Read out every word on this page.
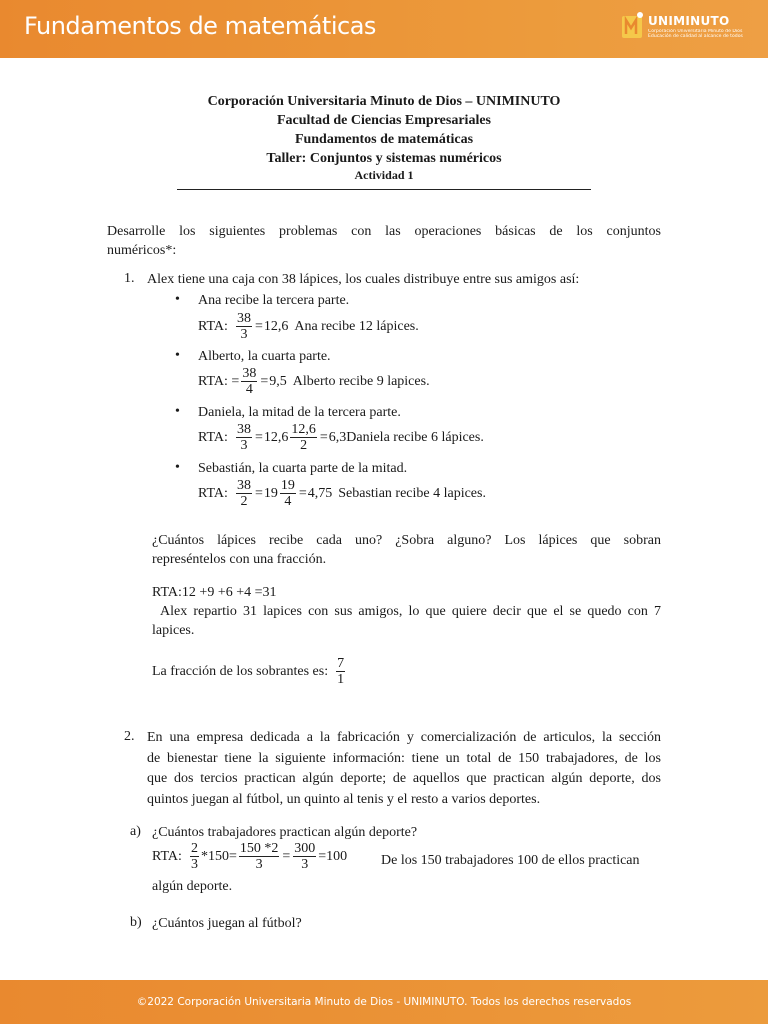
Fundamentos de matemáticas	UNIMINUTO
Corporación Universitaria Minuto de Dios
Educación de calidad al alcance de todos
Corporación Universitaria Minuto de Dios – UNIMINUTO
Facultad de Ciencias Empresariales
Fundamentos de matemáticas
Taller: Conjuntos y sistemas numéricos
Actividad 1
Desarrolle los siguientes problemas con las operaciones básicas de los conjuntos
numéricos*:
1. Alex tiene una caja con 38 lápices, los cuales distribuye entre sus amigos así:
• Ana recibe la tercera parte.
RTA: $\frac{38}{3} = 12,6$ Ana recibe 12 lápices.
• Alberto, la cuarta parte.
RTA: = $\frac{38}{4} = 9,5$ Alberto recibe 9 lapices.
• Daniela, la mitad de la tercera parte.
RTA: $\frac{38}{3} = 12,6 \frac{12,6}{2} = 6,3$ Daniela recibe 6 lápices.
• Sebastián, la cuarta parte de la mitad.
RTA: $\frac{38}{2} = 19 \frac{19}{4} = 4,75$ Sebastian recibe 4 lapices.
¿Cuántos lápices recibe cada uno? ¿Sobra alguno? Los lápices que sobran
represéntelos con una fracción.
RTA:12 +9 +6 +4 =31
Alex repartio 31 lapices con sus amigos, lo que quiere decir que el se quedo con 7
lapices.
La fracción de los sobrantes es: $\frac{7}{1}$
2. En una empresa dedicada a la fabricación y comercialización de articulos, la sección
de bienestar tiene la siguiente información: tiene un total de 150 trabajadores, de los
que dos tercios practican algún deporte; de aquellos que practican algún deporte, dos
quintos juegan al fútbol, un quinto al tenis y el resto a varios deportes.
a) ¿Cuántos trabajadores practican algún deporte?
RTA: $\frac{2}{3} *150= \frac{150 *2}{3} = \frac{300}{3} =100$ De los 150 trabajadores 100 de ellos practican
algún deporte.
b) ¿Cuántos juegan al fútbol?
©2022 Corporación Universitaria Minuto de Dios - UNIMINUTO. Todos los derechos reservados
